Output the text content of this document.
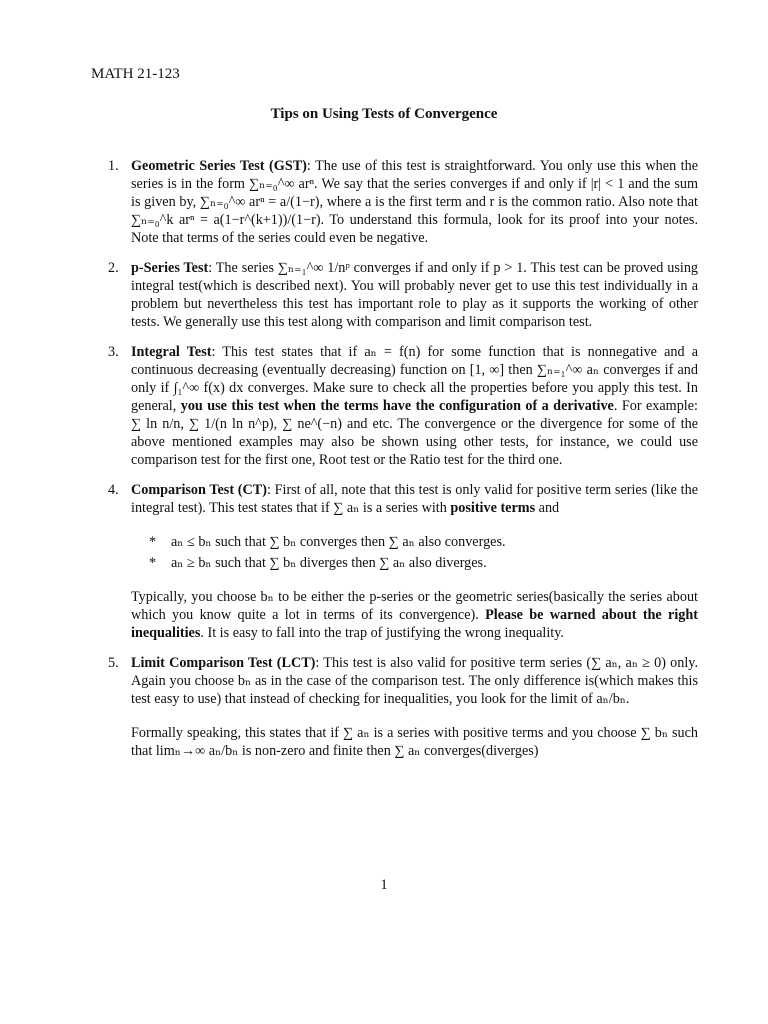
MATH 21-123
Tips on Using Tests of Convergence
1. Geometric Series Test (GST): The use of this test is straightforward. You only use this when the series is in the form ∑ₙ₌₀^∞ arⁿ. We say that the series converges if and only if |r| < 1 and the sum is given by, ∑ₙ₌₀^∞ arⁿ = a/(1−r), where a is the first term and r is the common ratio. Also note that ∑ₙ₌₀^k arⁿ = a(1−r^(k+1))/(1−r). To understand this formula, look for its proof into your notes. Note that terms of the series could even be negative.

2. p-Series Test: The series ∑ₙ₌₁^∞ 1/nᵖ converges if and only if p > 1. This test can be proved using integral test(which is described next). You will probably never get to use this test individually in a problem but nevertheless this test has important role to play as it supports the working of other tests. We generally use this test along with comparison and limit comparison test.

3. Integral Test: This test states that if aₙ = f(n) for some function that is nonnegative and a continuous decreasing (eventually decreasing) function on [1, ∞] then ∑ₙ₌₁^∞ aₙ converges if and only if ∫₁^∞ f(x) dx converges. Make sure to check all the properties before you apply this test. In general, you use this test when the terms have the configuration of a derivative. For example: ∑ ln n/n, ∑ 1/(n ln n^p), ∑ ne^(−n) and etc. The convergence or the divergence for some of the above mentioned examples may also be shown using other tests, for instance, we could use comparison test for the first one, Root test or the Ratio test for the third one.

4. Comparison Test (CT): First of all, note that this test is only valid for positive term series (like the integral test). This test states that if ∑ aₙ is a series with positive terms and

* aₙ ≤ bₙ such that ∑ bₙ converges then ∑ aₙ also converges.
* aₙ ≥ bₙ such that ∑ bₙ diverges then ∑ aₙ also diverges.

Typically, you choose bₙ to be either the p-series or the geometric series(basically the series about which you know quite a lot in terms of its convergence). Please be warned about the right inequalities. It is easy to fall into the trap of justifying the wrong inequality.

5. Limit Comparison Test (LCT): This test is also valid for positive term series (∑ aₙ, aₙ ≥ 0) only. Again you choose bₙ as in the case of the comparison test. The only difference is(which makes this test easy to use) that instead of checking for inequalities, you look for the limit of aₙ/bₙ.

Formally speaking, this states that if ∑ aₙ is a series with positive terms and you choose ∑ bₙ such that limₙ→∞ aₙ/bₙ is non-zero and finite then ∑ aₙ converges(diverges)

1
